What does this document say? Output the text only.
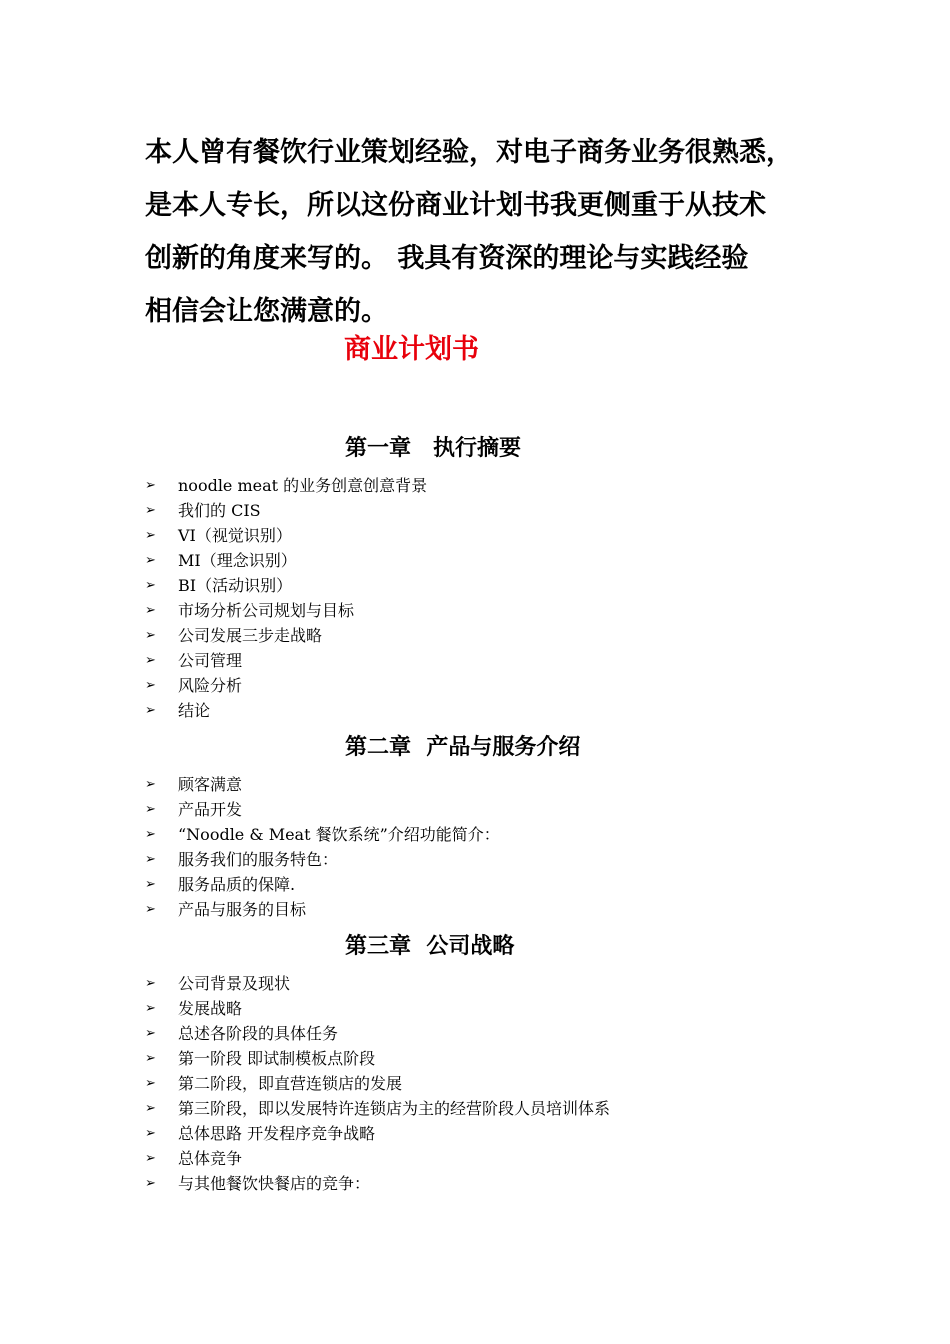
本人曾有餐饮行业策划经验，对电子商务业务很熟悉，
是本人专长，所以这份商业计划书我更侧重于从技术
创新的角度来写的。 我具有资深的理论与实践经验
相信会让您满意的。
商业计划书
第一章　执行摘要
➢	noodle meat 的业务创意创意背景
➢	我们的 CIS
➢	VI（视觉识别）
➢	MI（理念识别）
➢	BI（活动识别）
➢	市场分析公司规划与目标
➢	公司发展三步走战略
➢	公司管理
➢	风险分析
➢	结论
第二章  产品与服务介绍
➢	顾客满意
➢	产品开发
➢	“Noodle & Meat 餐饮系统”介绍功能简介：
➢	服务我们的服务特色：
➢	服务品质的保障.
➢	产品与服务的目标
第三章  公司战略
➢	公司背景及现状
➢	发展战略
➢	总述各阶段的具体任务
➢	第一阶段 即试制模板点阶段
➢	第二阶段，即直营连锁店的发展
➢	第三阶段，即以发展特许连锁店为主的经营阶段人员培训体系
➢	总体思路 开发程序竞争战略
➢	总体竞争
➢	与其他餐饮快餐店的竞争：
